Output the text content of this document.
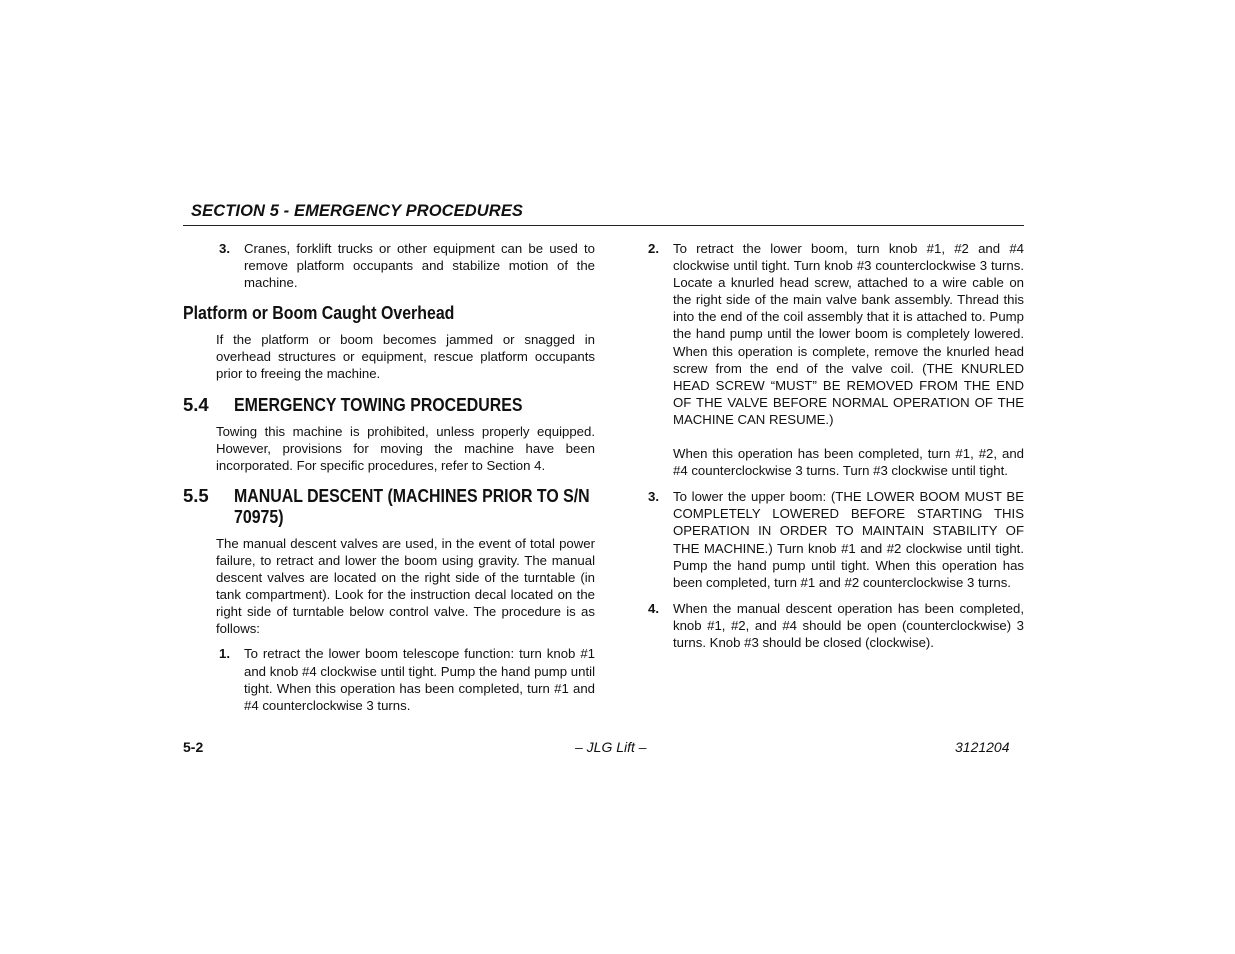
SECTION 5 - EMERGENCY PROCEDURES
3. Cranes, forklift trucks or other equipment can be used to remove platform occupants and stabilize motion of the machine.
Platform or Boom Caught Overhead
If the platform or boom becomes jammed or snagged in overhead structures or equipment, rescue platform occupants prior to freeing the machine.
5.4 EMERGENCY TOWING PROCEDURES
Towing this machine is prohibited, unless properly equipped. However, provisions for moving the machine have been incorporated. For specific procedures, refer to Section 4.
5.5 MANUAL DESCENT (MACHINES PRIOR TO S/N 70975)
The manual descent valves are used, in the event of total power failure, to retract and lower the boom using gravity. The manual descent valves are located on the right side of the turntable (in tank compartment). Look for the instruction decal located on the right side of turntable below control valve. The procedure is as follows:
1. To retract the lower boom telescope function: turn knob #1 and knob #4 clockwise until tight. Pump the hand pump until tight. When this operation has been completed, turn #1 and #4 counterclockwise 3 turns.
2. To retract the lower boom, turn knob #1, #2 and #4 clockwise until tight. Turn knob #3 counterclockwise 3 turns. Locate a knurled head screw, attached to a wire cable on the right side of the main valve bank assembly. Thread this into the end of the coil assembly that it is attached to. Pump the hand pump until the lower boom is completely lowered. When this operation is complete, remove the knurled head screw from the end of the valve coil. (THE KNURLED HEAD SCREW “MUST” BE REMOVED FROM THE END OF THE VALVE BEFORE NORMAL OPERATION OF THE MACHINE CAN RESUME.)
When this operation has been completed, turn #1, #2, and #4 counterclockwise 3 turns. Turn #3 clockwise until tight.
3. To lower the upper boom: (THE LOWER BOOM MUST BE COMPLETELY LOWERED BEFORE STARTING THIS OPERATION IN ORDER TO MAINTAIN STABILITY OF THE MACHINE.) Turn knob #1 and #2 clockwise until tight. Pump the hand pump until tight. When this operation has been completed, turn #1 and #2 counterclockwise 3 turns.
4. When the manual descent operation has been completed, knob #1, #2, and #4 should be open (counterclockwise) 3 turns. Knob #3 should be closed (clockwise).
5-2	– JLG Lift –	3121204
